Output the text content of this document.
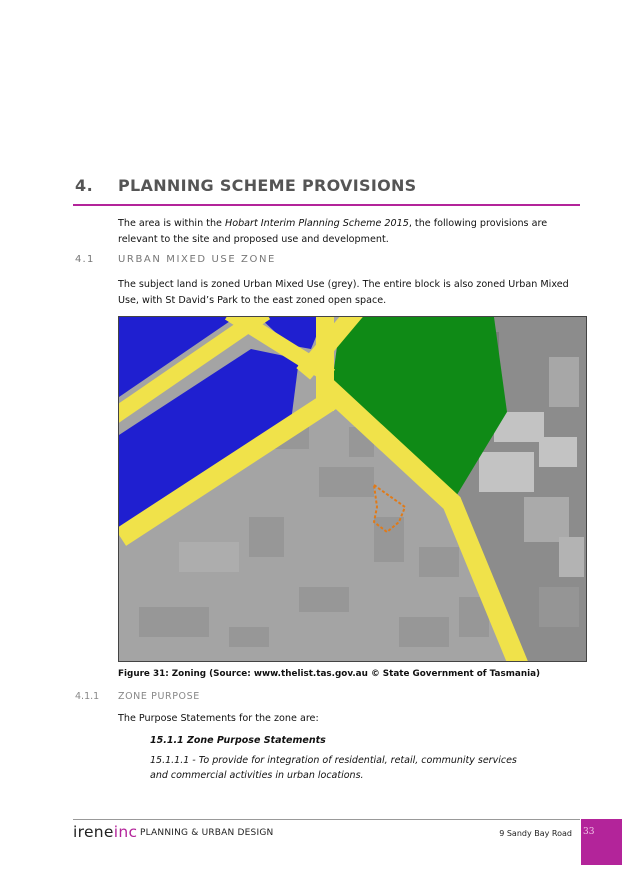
4. PLANNING SCHEME PROVISIONS
The area is within the Hobart Interim Planning Scheme 2015, the following provisions are relevant to the site and proposed use and development.
4.1 URBAN MIXED USE ZONE
The subject land is zoned Urban Mixed Use (grey). The entire block is also zoned Urban Mixed Use, with St David’s Park to the east zoned open space.
Figure 31: Zoning (Source: www.thelist.tas.gov.au © State Government of Tasmania)
4.1.1 ZONE PURPOSE
The Purpose Statements for the zone are:
15.1.1 Zone Purpose Statements
15.1.1.1 - To provide for integration of residential, retail, community services
and commercial activities in urban locations.
ireneinc PLANNING & URBAN DESIGN	9 Sandy Bay Road 33
